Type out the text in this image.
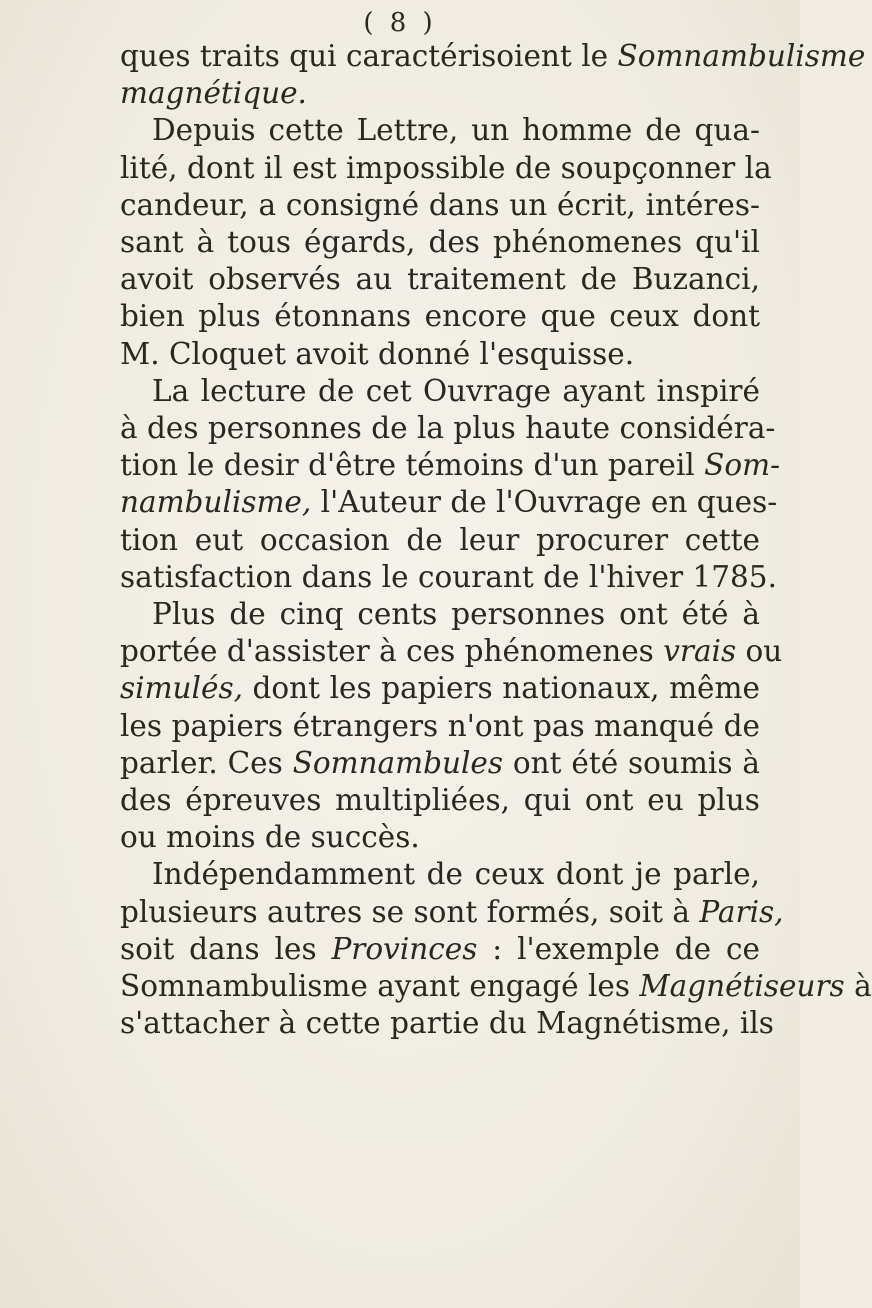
( 8 )
ques traits qui caractérisoient le Somnambulisme
magnétique.
Depuis cette Lettre, un homme de qua-
lité, dont il est impossible de soupçonner la
candeur, a consigné dans un écrit, intéres-
sant à tous égards, des phénomenes qu'il
avoit observés au traitement de Buzanci,
bien plus étonnans encore que ceux dont
M. Cloquet avoit donné l'esquisse.
La lecture de cet Ouvrage ayant inspiré
à des personnes de la plus haute considéra-
tion le desir d'être témoins d'un pareil Som-
nambulisme, l'Auteur de l'Ouvrage en ques-
tion eut occasion de leur procurer cette
satisfaction dans le courant de l'hiver 1785.
Plus de cinq cents personnes ont été à
portée d'assister à ces phénomenes vrais ou
simulés, dont les papiers nationaux, même
les papiers étrangers n'ont pas manqué de
parler. Ces Somnambules ont été soumis à
des épreuves multipliées, qui ont eu plus
ou moins de succès.
Indépendamment de ceux dont je parle,
plusieurs autres se sont formés, soit à Paris,
soit dans les Provinces : l'exemple de ce
Somnambulisme ayant engagé les Magnétiseurs à
s'attacher à cette partie du Magnétisme, ils
